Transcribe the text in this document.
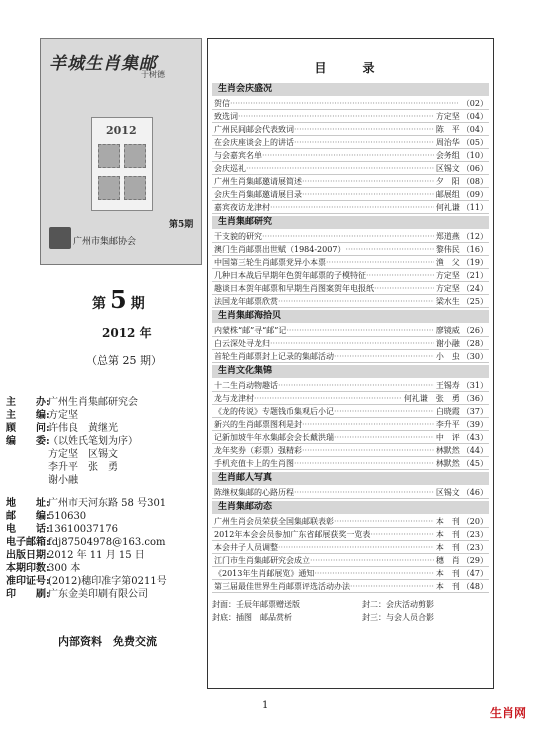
羊城生肖集邮
于树德
2012
第5期
广州市集邮协会
第 5 期
2012 年
（总第 25 期）
主　　办:
广州生肖集邮研究会
主　　编:
方定坚
顾　　问:
许伟良　黄继光
编　　委:
（以姓氏笔划为序）
方定坚　区锡文
李升平　张　勇
谢小融
地　　址:
广州市天河东路 58 号301
邮　　编:
510630
电　　话:
13610037176
电子邮箱:
fdj87504978@163.com
出版日期:
2012 年 11 月 15 日
本期印数:
300 本
准印证号:
(2012)穗印准字第0211号
印　　刷:
广东金美印刷有限公司
内部资料　免费交流
目　录
生肖会庆盛况
贺信 ·····	（02）
致选词 ·····	方定坚 （04）
广州民间邮会代表致词 ·····	陈　平 （04）
在会庆座谈会上的讲话 ·····	周治华 （05）
与会嘉宾名单 ·····	会务组 （10）
会庆巡礼 ·····	区锡文 （06）
广州生肖集邮邀请展简述 ·····	夕　阳 （08）
会庆生肖集邮邀请展目录 ·····	邮展组 （09）
嘉宾夜访龙津村 ·····	何礼谦 （11）
生肖集邮研究
干支貌的研究 ·····	郑道燕 （12）
澳门生肖邮票出世赋（1984-2007） ·····	黎伟民 （16）
中国第三轮生肖邮票党异小本票 ·····	渔　父 （19）
几种日本战后早期年色贺年邮票的子模特征 ·····	方定坚 （21）
趣谈日本贺年邮票和早期生肖图案贺年电报纸 ·····	方定坚 （24）
法国龙年邮票欣赏 ·····	梁水生 （25）
生肖集邮海拾贝
内蒙株“邮”寻“邮”记 ·····	廖镜威 （26）
白云深处寻龙归 ·····	谢小融 （28）
首轮生肖邮票封上记录的集邮活动 ·····	小　虫 （30）
生肖文化集锦
十二生肖动物趣话 ·····	王锡寿 （31）
龙与龙津村 ·····	何礼谦　张　勇 （36）
《龙的传说》专题钱币集观后小记 ·····	白晓霞 （37）
新兴的生肖邮票图利是封 ·····	李升平 （39）
记新加坡牛年水集邮会会长戴洪瑞 ·····	中　评 （43）
龙年奖券（彩票）强精彩 ·····	林默然 （44）
手机充值卡上的生肖图 ·····	林默然 （45）
生肖邮人写真
陈继权集邮的心路历程 ·····	区锡文 （46）
生肖集邮动态
广州生肖会员荣获全国集邮联表彰 ·····	本　刊 （20）
2012年本会会员参加广东省邮展获奖一览表 ·····	本　刊 （23）
本会井子人员调整 ·····	本　刊 （23）
江门市生肖集邮研究会成立 ·····	穗　肖 （29）
《2013年生肖邮展览》通知 ·····	本　刊 （47）
第三届最佳世界生肖邮票评选活动办法 ·····	本　刊 （48）
封面：壬辰年邮票赠送版	封二：会庆活动剪影
封底：插图　邮品赏析	封三：与会人员合影
1
生肖网
